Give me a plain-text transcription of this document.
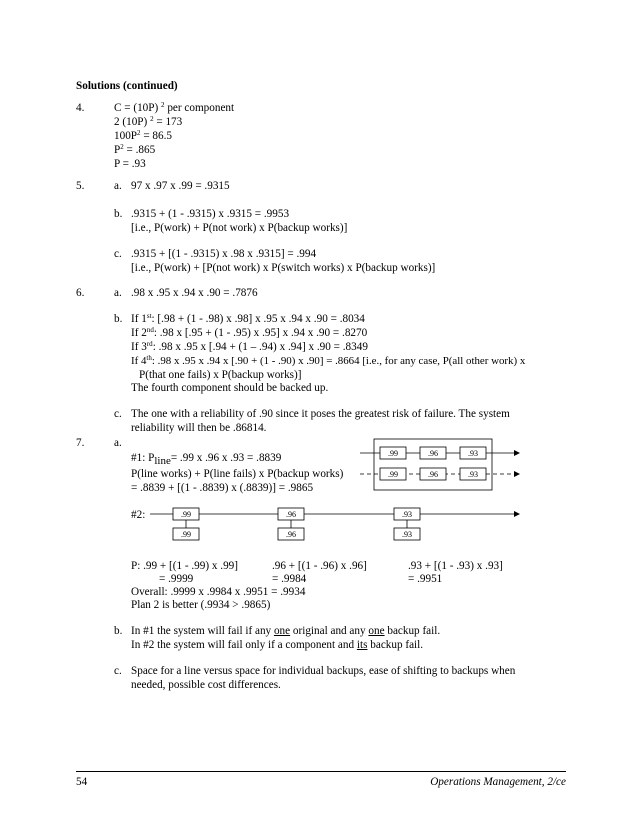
Solutions (continued)
4.	C = (10P) $^2$ per component
2 (10P) $^2$ = 173
$100P^2 = 86.5$
$P^2 = .865$
P = .93
5.	a. 97 x .97 x .99 = .9315
b. .9315 + (1 - .9315) x .9315 = .9953
[i.e., P(work) + P(not work) x P(backup works)]
c. .9315 + [(1 - .9315) x .98 x .9315] = .994
[i.e., P(work) + [P(not work) x P(switch works) x P(backup works)]
6.	a. .98 x .95 x .94 x .90 = .7876
b. If 1st: [.98 + (1 - .98) x .98] x .95 x .94 x .90 = .8034
If 2nd: .98 x [.95 + (1 - .95) x .95] x .94 x .90 = .8270
If 3rd: .98 x .95 x [.94 + (1 – .94) x .94] x .90 = .8349
If 4th: .98 x .95 x .94 x [.90 + (1 - .90) x .90] = .8664 [i.e., for any case, P(all other work) x
P(that one fails) x P(backup works)]
The fourth component should be backed up.
c. The one with a reliability of .90 since it poses the greatest risk of failure. The system
reliability will then be .86814.
7.	a.
#1: $P_{line}= .99$ x .96 x .93 = .8839
P(line works) + P(line fails) x P(backup works)
= .8839 + [(1 - .8839) x (.8839)] = .9865
.99	.96	.93
.99	.96	.93
#2:	.99	.96	.93
.99	.96	.93
P: .99 + [(1 - .99) x .99]
= .9999
.96 + [(1 - .96) x .96]
= .9984
.93 + [(1 - .93) x .93]
= .9951
Overall: .9999 x .9984 x .9951 = .9934
Plan 2 is better (.9934 > .9865)
b. In #1 the system will fail if any one original and any one backup fail.
In #2 the system will fail only if a component and its backup fail.
c. Space for a line versus space for individual backups, ease of shifting to backups when
needed, possible cost differences.
54	Operations Management, 2/ce
